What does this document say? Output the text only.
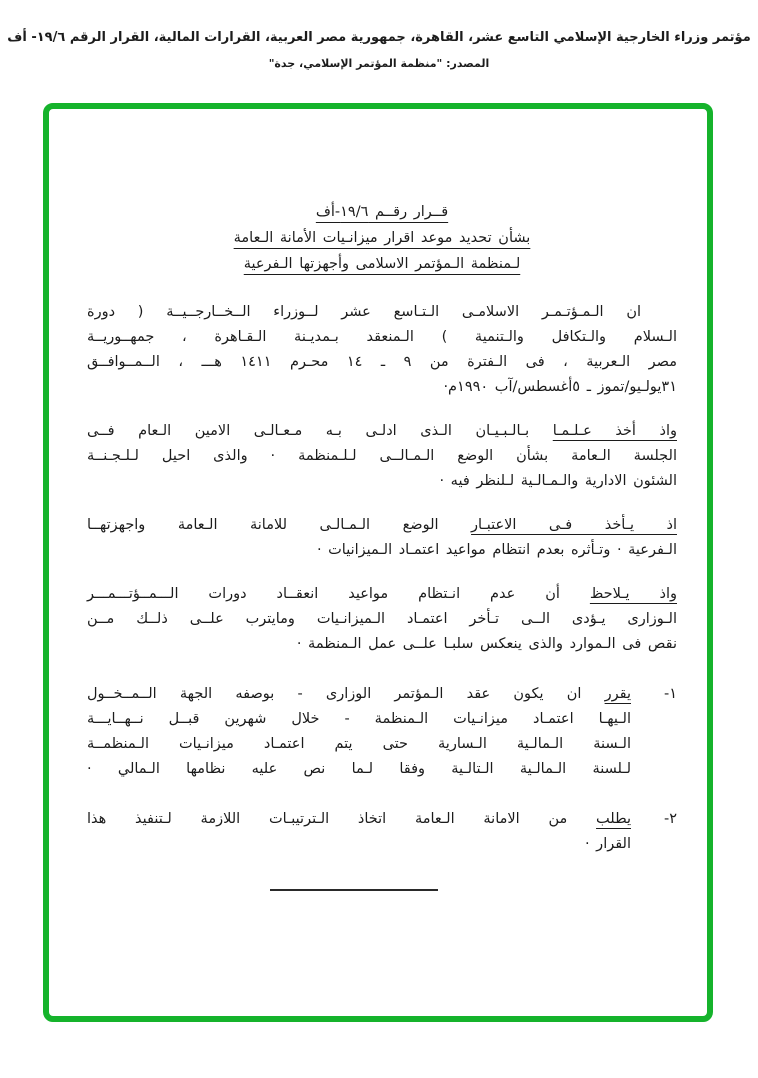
مؤتمر وزراء الخارجية الإسلامي التاسع عشر، القاهرة، جمهورية مصر العربية، القرارات المالية، القرار الرقم ١٩/٦- أف
المصدر: "منظمة المؤتمر الإسلامي، جدة"
قــرار رقــم ١٩/٦-أف
بشأن تحديد موعد اقرار ميزانـيات الأمانة الـعامة
لـمنظمة الـمؤتمر الاسلامى وأجهزتها الـفرعية
ان الـمـؤتـمـر الاسلامـى الـتـاسع عشر لــوزراء الــخــارجــيــة ( دورة
الـسلام والـتكافل والـتنمية ) الـمنعقد بـمديـنة الـقـاهرة ، جمهــوريــة
مصر الـعربية ، فى الـفترة من ٩ ـ ١٤ محـرم ١٤١١ هـــ ، الــمــوافــق
٣١يولـيو/تموز ـ ٥أغسطس/آب ١٩٩٠م·
واذ أخذ عـلـمـا بـالـبـيـان الـذى ادلـى بـه مـعـالـى الامين الـعام فــى
الجلسة الـعامة بشأن الوضع الـمـالــى لـلـمنظمة · والذى احيل لـلـجـنــة
الشئون الادارية والـمـالـية لـلنظر فيه ·
اذ يـأخذ فـى الاعتبـار الوضع الـمـالـى للامانة الـعامة واجهزتهــا
الـفرعية · وتـأثره بعدم انتظام مواعيد اعتمـاد الـميزانيات ·
واذ يـلاحظ أن عدم انـتظام مواعيد انعقــاد دورات الـــمــؤتـــمـــر
الـوزارى يـؤدى الــى تـأخر اعتمـاد الـميزانـيات ومايترب علــى ذلــك مــن
نقص فى الـموارد والذى ينعكس سلبـا علــى عمل الـمنظمة ·
١-
يقرر ان يكون عقد الـمؤتمر الوزارى - بوصفه الجهة الــمــخــول
الـيهـا اعتمـاد ميزانـيات الـمنظمة - خلال شهرين قبــل نــهــايـــة
الـسنة الـمالـية الـسارية حتى يتم اعتمـاد ميزانـيات الـمنظمــة
لـلسنة الـمالـية الـتالـية وفقا لـما نص عليه نظامها الـمالي ·
٢-
يطلب من الامانة الـعامة اتخاذ الـترتيبـات اللازمة لـتنفيذ هذا
القرار ·
